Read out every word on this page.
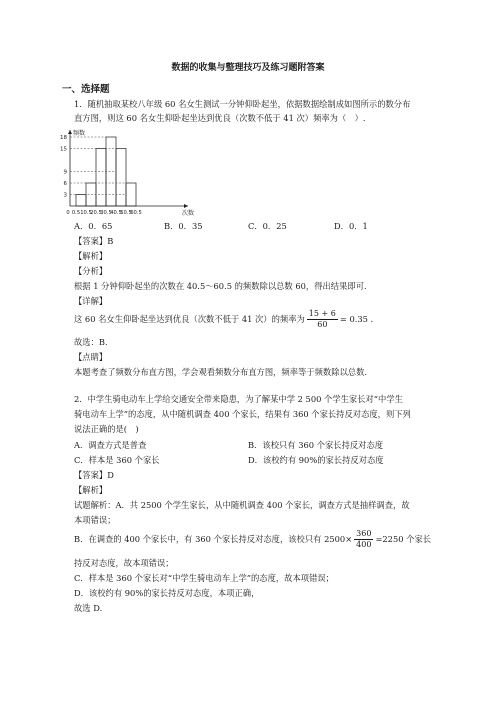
数据的收集与整理技巧及练习题附答案
一、选择题
1．随机抽取某校八年级 60 名女生测试一分钟仰卧起坐，依据数据绘制成如图所示的数分布
直方图，则这 60 名女生仰卧起坐达到优良（次数不低于 41 次）频率为（　）.
频数
次数
3
6
9
15
18
0 0.5 10.5
20.5
30.5
40.5
50.5
60.5
A．0．65	B．0．35	C．0．25	D．0．1
【答案】B
【解析】
【分析】
根据 1 分钟仰卧起坐的次数在 40.5～60.5 的频数除以总数 60，得出结果即可.
【详解】
这 60 名女生仰卧起坐达到优良（次数不低于 41 次）的频率为 $\frac{15 + 6}{60} = 0.35$ .
故选：B.
【点睛】
本题考查了频数分布直方图，学会观看频数分布直方图，频率等于频数除以总数.
2．中学生骑电动车上学给交通安全带来隐患，为了解某中学 2 500 个学生家长对“中学生
骑电动车上学”的态度，从中随机调查 400 个家长，结果有 360 个家长持反对态度，则下列
说法正确的是(　)
A．调查方式是普查	B．该校只有 360 个家长持反对态度
C．样本是 360 个家长	D．该校约有 90%的家长持反对态度
【答案】D
【解析】
试题解析：A．共 2500 个学生家长，从中随机调查 400 个家长，调查方式是抽样调查，故
本项错误；
B．在调查的 400 个家长中，有 360 个家长持反对态度，该校只有 $2500\times \frac{360}{400} =2250$ 个家长
持反对态度，故本项错误；
C．样本是 360 个家长对“中学生骑电动车上学”的态度，故本项错误；
D．该校约有 90%的家长持反对态度，本项正确，
故选 D.
